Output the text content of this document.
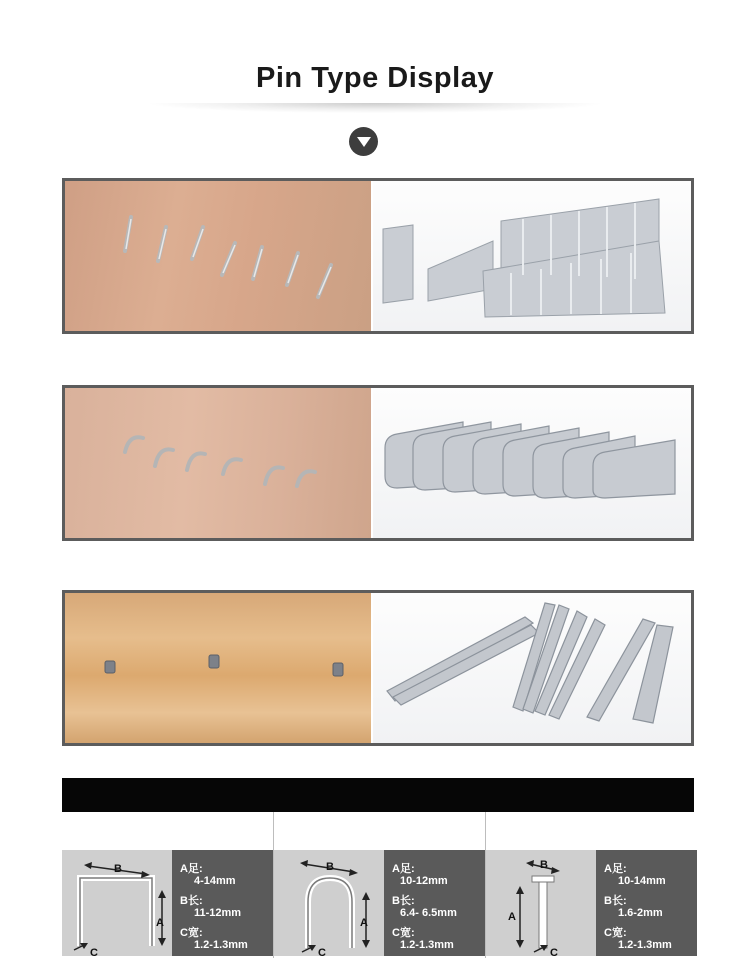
Pin Type Display
B
A
C
A足:
4-14mm
B长:
11-12mm
C宽:
1.2-1.3mm
B
A
C
A足:
10-12mm
B长:
6.4- 6.5mm
C宽:
1.2-1.3mm
B
A
C
A足:
10-14mm
B长:
1.6-2mm
C宽:
1.2-1.3mm
